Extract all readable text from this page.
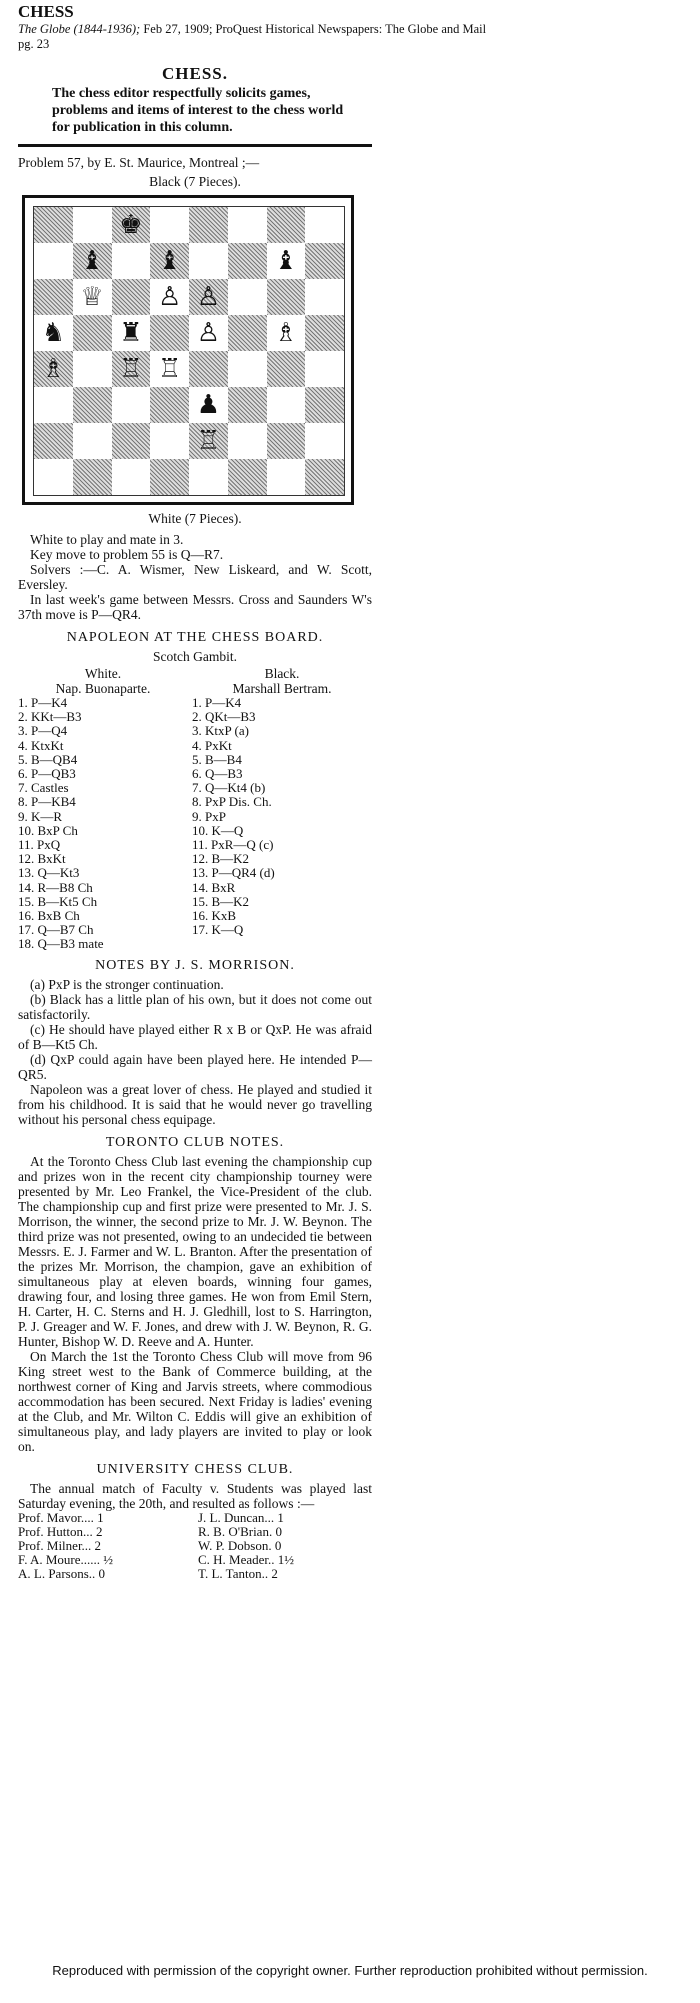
CHESS
The Globe (1844-1936); Feb 27, 1909; ProQuest Historical Newspapers: The Globe and Mail
pg. 23
CHESS.
The chess editor respectfully solicits games, problems and items of interest to the chess world for publication in this column.

Problem 57, by E. St. Maurice, Montreal ;—

Black (7 Pieces).
♚
♝ ♝	♝
♕ ♙ ♙
♞ ♜ ♙ ♗
♗ ♖ ♖
♟
♖
White (7 Pieces).

White to play and mate in 3.

Key move to problem 55 is Q—R7.

Solvers :—C. A. Wismer, New Liskeard, and W. Scott, Eversley.

In last week's game between Messrs. Cross and Saunders W's 37th move is P—QR4.

NAPOLEON AT THE CHESS BOARD.
Scotch Gambit.
White.	Black.
Nap. Buonaparte.	Marshall Bertram.
1. P—K4	1. P—K4
2. KKt—B3	2. QKt—B3
3. P—Q4	3. KtxP (a)
4. KtxKt	4. PxKt
5. B—QB4	5. B—B4
6. P—QB3	6. Q—B3
7. Castles	7. Q—Kt4 (b)
8. P—KB4	8. PxP Dis. Ch.
9. K—R	9. PxP
10. BxP Ch	10. K—Q
11. PxQ	11. PxR—Q (c)
12. BxKt	12. B—K2
13. Q—Kt3	13. P—QR4 (d)
14. R—B8 Ch	14. BxR
15. B—Kt5 Ch	15. B—K2
16. BxB Ch	16. KxB
17. Q—B7 Ch	17. K—Q
18. Q—B3 mate
NOTES BY J. S. MORRISON.

(a) PxP is the stronger continuation.

(b) Black has a little plan of his own, but it does not come out satisfactorily.

(c) He should have played either R x B or QxP. He was afraid of B—Kt5 Ch.

(d) QxP could again have been played here. He intended P—QR5.

Napoleon was a great lover of chess. He played and studied it from his childhood. It is said that he would never go travelling without his personal chess equipage.

TORONTO CLUB NOTES.

At the Toronto Chess Club last evening the championship cup and prizes won in the recent city championship tourney were presented by Mr. Leo Frankel, the Vice-President of the club. The championship cup and first prize were presented to Mr. J. S. Morrison, the winner, the second prize to Mr. J. W. Beynon. The third prize was not presented, owing to an undecided tie between Messrs. E. J. Farmer and W. L. Branton. After the presentation of the prizes Mr. Morrison, the champion, gave an exhibition of simultaneous play at eleven boards, winning four games, drawing four, and losing three games. He won from Emil Stern, H. Carter, H. C. Sterns and H. J. Gledhill, lost to S. Harrington, P. J. Greager and W. F. Jones, and drew with J. W. Beynon, R. G. Hunter, Bishop W. D. Reeve and A. Hunter.

On March the 1st the Toronto Chess Club will move from 96 King street west to the Bank of Commerce building, at the northwest corner of King and Jarvis streets, where commodious accommodation has been secured. Next Friday is ladies' evening at the Club, and Mr. Wilton C. Eddis will give an exhibition of simultaneous play, and lady players are invited to play or look on.

UNIVERSITY CHESS CLUB.

The annual match of Faculty v. Students was played last Saturday evening, the 20th, and resulted as follows :—

Prof. Mavor.... 1	J. L. Duncan... 1
Prof. Hutton... 2	R. B. O'Brian. 0
Prof. Milner... 2	W. P. Dobson. 0
F. A. Moure...... ½	C. H. Meader.. 1½
A. L. Parsons.. 0	T. L. Tanton.. 2
Reproduced with permission of the copyright owner. Further reproduction prohibited without permission.
